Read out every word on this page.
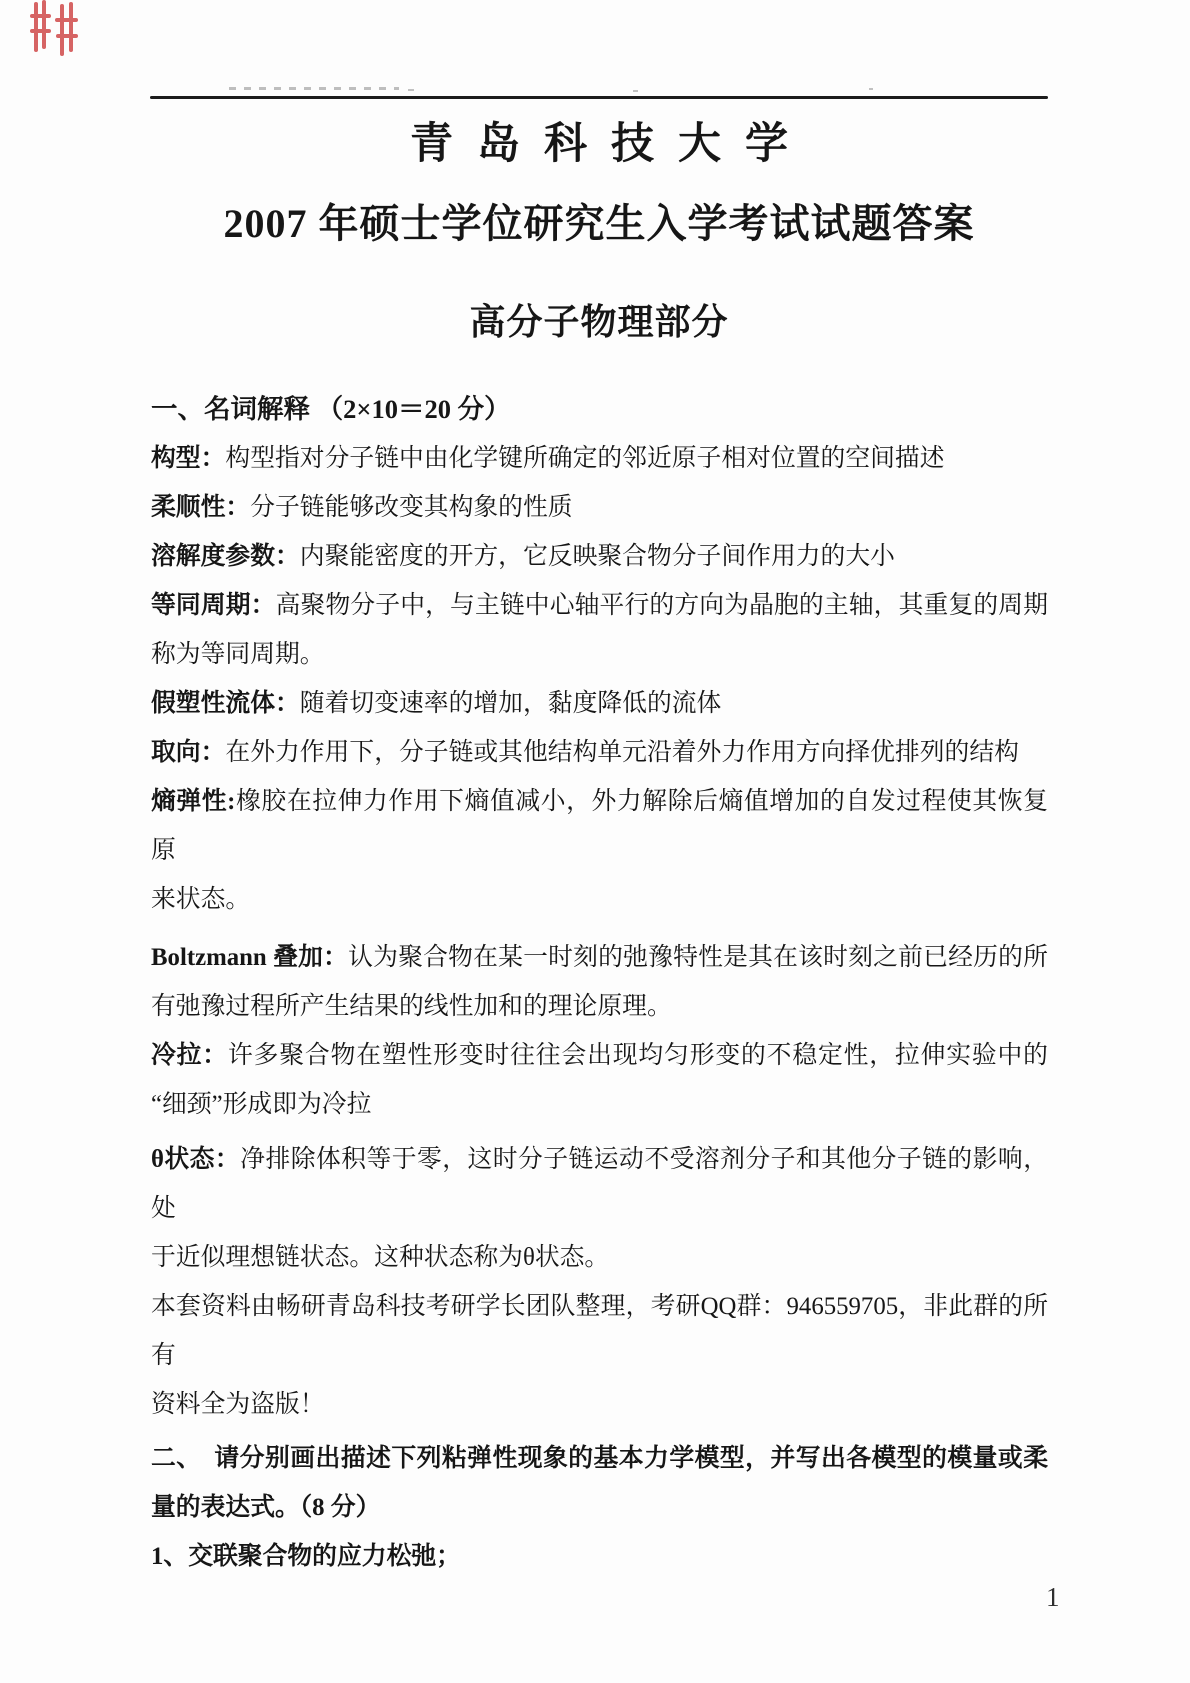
青岛科技大学
2007 年硕士学位研究生入学考试试题答案
高分子物理部分

一、名词解释 （2×10＝20 分）

构型：构型指对分子链中由化学键所确定的邻近原子相对位置的空间描述

柔顺性：分子链能够改变其构象的性质

溶解度参数：内聚能密度的开方，它反映聚合物分子间作用力的大小

等同周期：高聚物分子中，与主链中心轴平行的方向为晶胞的主轴，其重复的周期
称为等同周期。

假塑性流体：随着切变速率的增加，黏度降低的流体

取向：在外力作用下，分子链或其他结构单元沿着外力作用方向择优排列的结构

熵弹性:橡胶在拉伸力作用下熵值减小，外力解除后熵值增加的自发过程使其恢复原
来状态。

Boltzmann 叠加：认为聚合物在某一时刻的弛豫特性是其在该时刻之前已经历的所
有弛豫过程所产生结果的线性加和的理论原理。

冷拉：许多聚合物在塑性形变时往往会出现均匀形变的不稳定性，拉伸实验中的
“细颈”形成即为冷拉

θ状态：净排除体积等于零，这时分子链运动不受溶剂分子和其他分子链的影响，处
于近似理想链状态。这种状态称为θ状态。

本套资料由畅研青岛科技考研学长团队整理，考研QQ群：946559705，非此群的所有
资料全为盗版！

二、　请分别画出描述下列粘弹性现象的基本力学模型，并写出各模型的模量或柔
量的表达式。（8 分）

1、交联聚合物的应力松弛；

1
